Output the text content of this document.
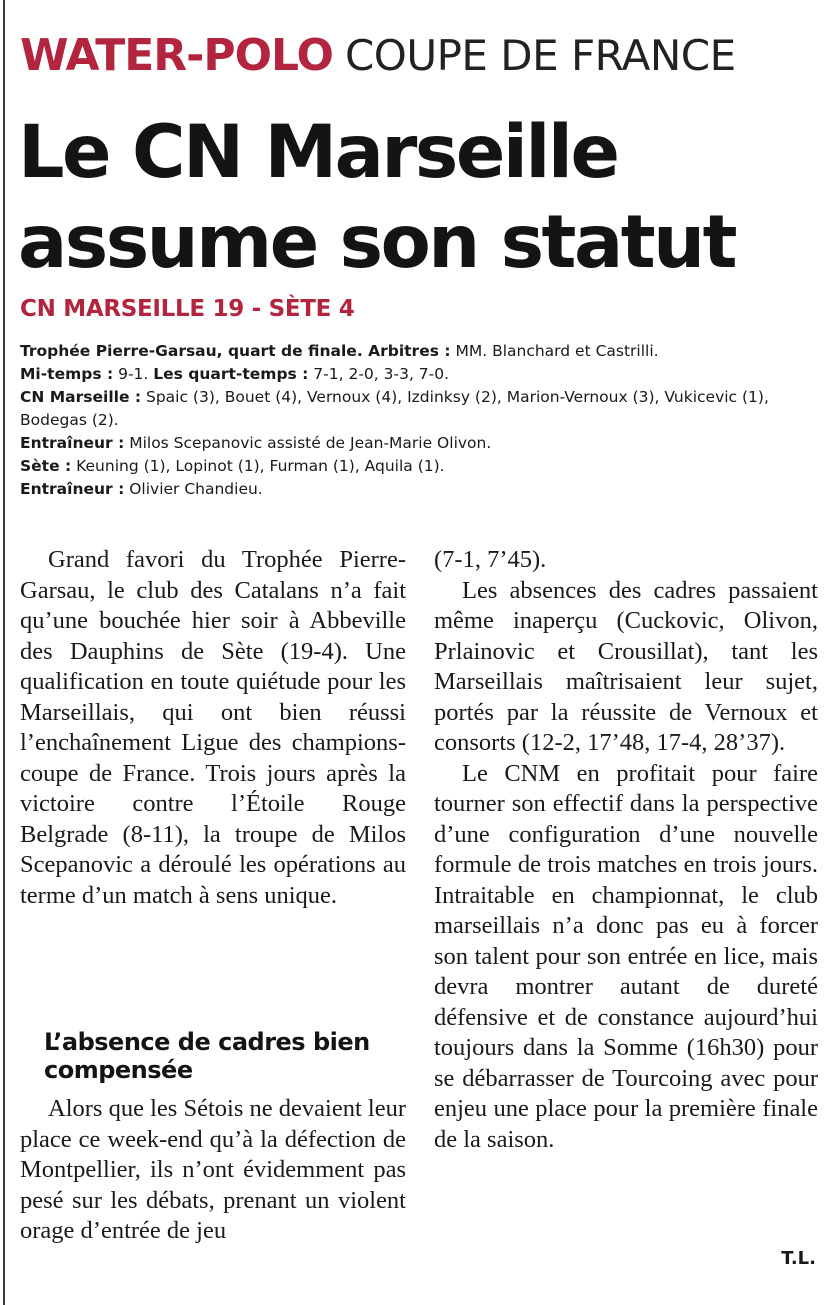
WATER-POLO COUPE DE FRANCE
Le CN Marseille
assume son statut
CN MARSEILLE 19 - SÈTE 4

Trophée Pierre-Garsau, quart de finale. Arbitres : MM. Blanchard et Castrilli.

Mi-temps : 9-1. Les quart-temps : 7-1, 2-0, 3-3, 7-0.

CN Marseille : Spaic (3), Bouet (4), Vernoux (4), Izdinksy (2), Marion-Vernoux (3), Vukicevic (1), Bodegas (2).

Entraîneur : Milos Scepanovic assisté de Jean-Marie Olivon.

Sète : Keuning (1), Lopinot (1), Furman (1), Aquila (1).

Entraîneur : Olivier Chandieu.

Grand favori du Trophée Pierre-Garsau, le club des Catalans n’a fait qu’une bouchée hier soir à Abbeville des Dauphins de Sète (19-4). Une qualification en toute quiétude pour les Marseillais, qui ont bien réussi l’enchaînement Ligue des champions-coupe de France. Trois jours après la victoire contre l’Étoile Rouge Belgrade (8-11), la troupe de Milos Scepanovic a déroulé les opérations au terme d’un match à sens unique.

L’absence de cadres bien compensée

Alors que les Sétois ne devaient leur place ce week-end qu’à la défection de Montpellier, ils n’ont évidemment pas pesé sur les débats, prenant un violent orage d’entrée de jeu

(7-1, 7’45).

Les absences des cadres passaient même inaperçu (Cuckovic, Olivon, Prlainovic et Crousillat), tant les Marseillais maîtrisaient leur sujet, portés par la réussite de Vernoux et consorts (12-2, 17’48, 17-4, 28’37).

Le CNM en profitait pour faire tourner son effectif dans la perspective d’une configuration d’une nouvelle formule de trois matches en trois jours. Intraitable en championnat, le club marseillais n’a donc pas eu à forcer son talent pour son entrée en lice, mais devra montrer autant de dureté défensive et de constance aujourd’hui toujours dans la Somme (16h30) pour se débarrasser de Tourcoing avec pour enjeu une place pour la première finale de la saison.

T.L.
